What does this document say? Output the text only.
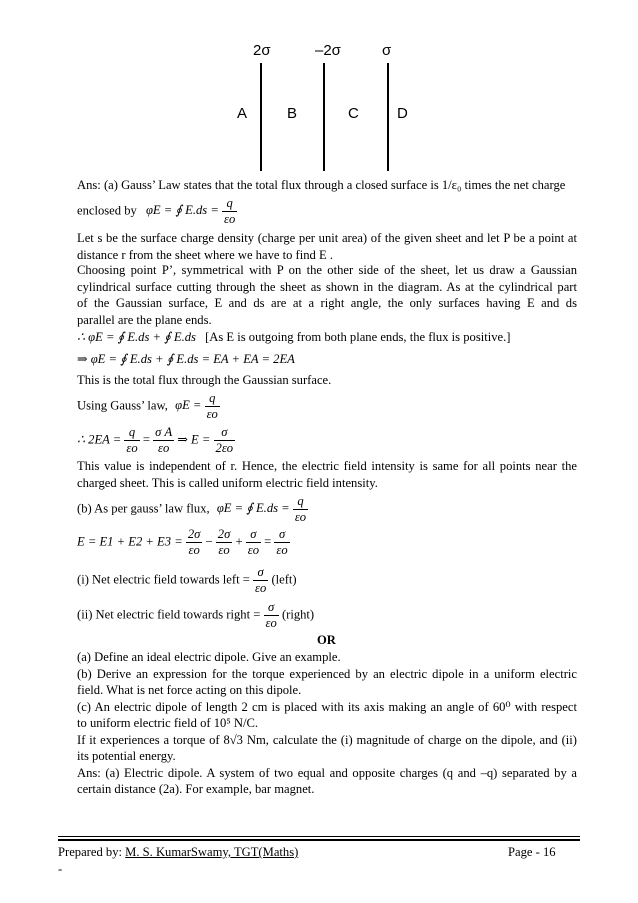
2σ	–2σ	σ
A	B	C	D
Ans: (a) Gauss’ Law states that the total flux through a closed surface is 1/ε₀ times the net charge
enclosed by φE = ∮ $E.ds = \frac{q}{\varepsilon o}$
Let s be the surface charge density (charge per unit area) of the given sheet and let P be a point at
distance r from the sheet where we have to find E .
Choosing point P’, symmetrical with P on the other side of the sheet, let us draw a Gaussian
cylindrical surface cutting through the sheet as shown in the diagram. As at the cylindrical part
of the Gaussian surface, E and ds are at a right angle, the only surfaces having E and ds
parallel are the plane ends.
∴ φE = ∮ E.ds + ∮ E.ds [As E is outgoing from both plane ends, the flux is positive.]
⇒ φE = ∮ E.ds + ∮ E.ds = EA + EA = 2EA
This is the total flux through the Gaussian surface.
Using Gauss’ law, $\varphi E = \frac{q}{\varepsilon o}$
∴ $2EA = \frac{q}{\varepsilon o} = \frac{\text{σ A}}{\varepsilon o}$ ⇒ $E = \frac{\sigma}{2\varepsilon o}$
This value is independent of r. Hence, the electric field intensity is same for all points near the
charged sheet. This is called uniform electric field intensity.
(b) As per gauss’ law flux, φE = ∮ $E.ds = \frac{q}{\varepsilon o}$
$E = E1 + E2 + E3 = \frac{2\sigma}{\varepsilon o} - \frac{2\sigma}{\varepsilon o} + \frac{\sigma}{\varepsilon o} = \frac{\sigma}{\varepsilon o}$
(i) Net electric field towards left = $\frac{\sigma}{\varepsilon o}$ (left)
(ii) Net electric field towards right = $\frac{\sigma}{\varepsilon o}$ (right)
OR
(a) Define an ideal electric dipole. Give an example.
(b) Derive an expression for the torque experienced by an electric dipole in a uniform electric
field. What is net force acting on this dipole.
(c) An electric dipole of length 2 cm is placed with its axis making an angle of 60⁰ with respect
to uniform electric field of 10⁵ N/C.
If it experiences a torque of 8√3 Nm, calculate the (i) magnitude of charge on the dipole, and (ii)
its potential energy.
Ans: (a) Electric dipole. A system of two equal and opposite charges (q and –q) separated by a
certain distance (2a). For example, bar magnet.
Prepared by: M. S. KumarSwamy, TGT(Maths)	Page - 16
-
